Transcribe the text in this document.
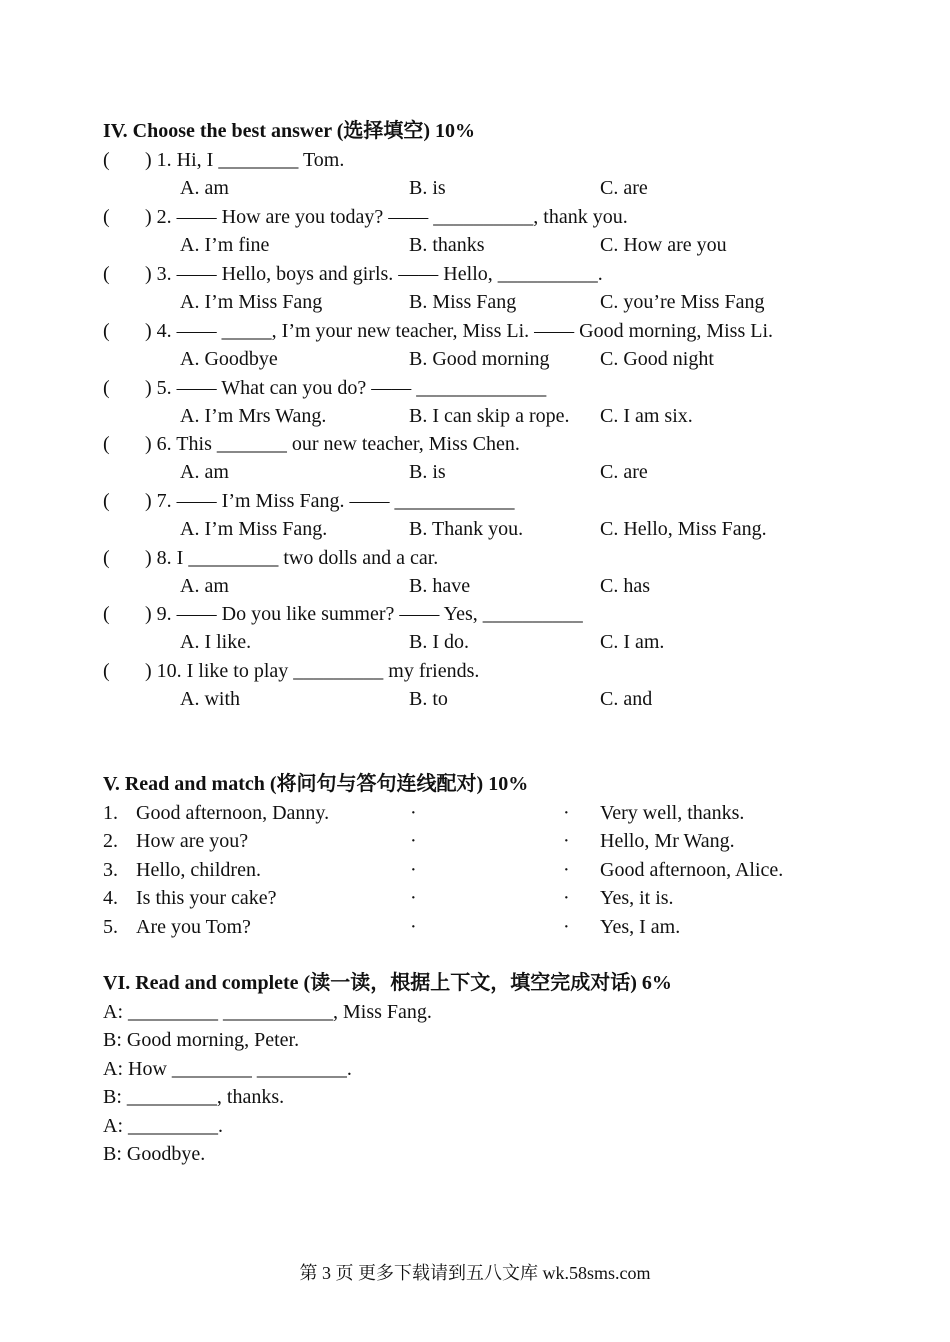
IV. Choose the best answer (选择填空) 10%
( ) 1. Hi, I ________ Tom.
A. am	B. is	C. are
( ) 2. —— How are you today? —— __________, thank you.
A. I’m fine	B. thanks	C. How are you
( ) 3. —— Hello, boys and girls. —— Hello, __________.
A. I’m Miss Fang	B. Miss Fang	C. you’re Miss Fang
( ) 4. —— _____, I’m your new teacher, Miss Li. —— Good morning, Miss Li.
A. Goodbye	B. Good morning	C. Good night
( ) 5. —— What can you do? —— _____________
A. I’m Mrs Wang.	B. I can skip a rope. C. I am six.
( ) 6. This _______ our new teacher, Miss Chen.
A. am	B. is	C. are
( ) 7. —— I’m Miss Fang. —— ____________
A. I’m Miss Fang.	B. Thank you.	C. Hello, Miss Fang.
( ) 8. I _________ two dolls and a car.
A. am	B. have	C. has
( ) 9. —— Do you like summer? —— Yes, __________
A. I like.	B. I do.	C. I am.
( ) 10. I like to play _________ my friends.
A. with	B. to	C. and
V. Read and match (将问句与答句连线配对) 10%
1. Good afternoon, Danny.	·	· Very well, thanks.
2. How are you?	·	· Hello, Mr Wang.
3. Hello, children.	·	· Good afternoon, Alice.
4. Is this your cake?	·	· Yes, it is.
5. Are you Tom?	·	· Yes, I am.
VI. Read and complete (读一读，根据上下文，填空完成对话) 6%
A: _________ ___________, Miss Fang.
B: Good morning, Peter.
A: How ________ _________.
B: _________, thanks.
A: _________.
B: Goodbye.
第 3 页 更多下载请到五八文库 wk.58sms.com
